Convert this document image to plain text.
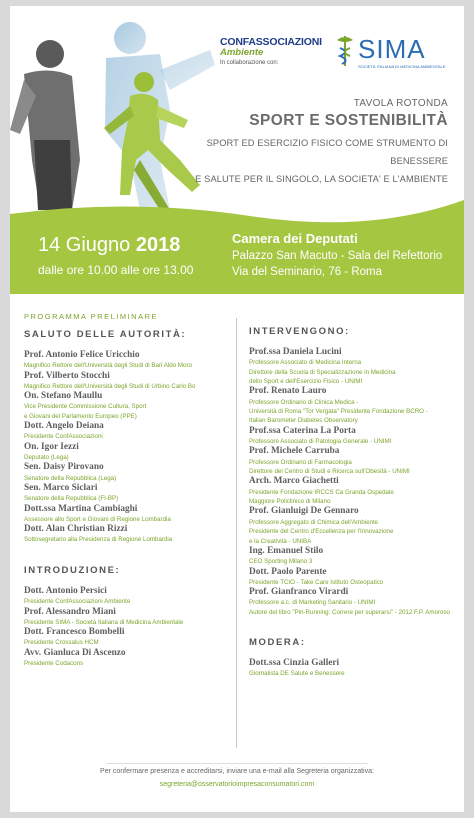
CONFASSOCIAZIONI
Ambiente
In collaborazione con:	SIMA
SOCIETÀ ITALIANA DI MEDICINA AMBIENTALE
TAVOLA ROTONDA
SPORT E SOSTENIBILITÀ
SPORT ED ESERCIZIO FISICO COME STRUMENTO DI BENESSERE
E SALUTE PER IL SINGOLO, LA SOCIETA' E L'AMBIENTE
14 Giugno 2018
dalle ore 10.00 alle ore 13.00
Camera dei Deputati
Palazzo San Macuto - Sala del Refettorio
Via del Seminario, 76 - Roma
PROGRAMMA PRELIMINARE
SALUTO DELLE AUTORITÀ:
Prof. Antonio Felice Uricchio
Magnifico Rettore dell'Università degli Studi di Bari Aldo Moro
Prof. Vilberto Stocchi
Magnifico Rettore dell'Università degli Studi di Urbino Carlo Bo
On. Stefano Maullu
Vice Presidente Commissione Cultura, Sport
e Giovani del Parlamento Europeo (PPE)
Dott. Angelo Deiana
Presidente ConfAssociazioni
On. Igor Iezzi
Deputato (Lega)
Sen. Daisy Pirovano
Senatore della Repubblica (Lega)
Sen. Marco Siclari
Senatore della Repubblica (FI-BP)
Dott.ssa Martina Cambiaghi
Assessore allo Sport e Giovani di Regione Lombardia
Dott. Alan Christian Rizzi
Sottosegretario alla Presidenza di Regione Lombardia
INTRODUZIONE:
Dott. Antonio Persici
Presidente ConfAssociazioni Ambiente
Prof. Alessandro Miani
Presidente SIMA - Società Italiana di Medicina Ambientale
Dott. Francesco Bombelli
Presidente Crossalus HCM
Avv. Gianluca Di Ascenzo
Presidente Codacons
INTERVENGONO:
Prof.ssa Daniela Lucini
Professore Associato di Medicina Interna
Direttore della Scuola di Specializzazione in Medicina
dello Sport e dell'Esercizio Fisico - UNIMI
Prof. Renato Lauro
Professore Ordinario di Clinica Medica -
Università di Roma "Tor Vergata" Presidente Fondazione BCRO -
Italian Barometer Diabetes Observatory
Prof.ssa Caterina La Porta
Professore Associato di Patologia Generale - UNIMI
Prof. Michele Carruba
Professore Ordinario di Farmacologia
Direttore del Centro di Studi e Ricerca sull'Obesità - UNIMI
Arch. Marco Giachetti
Presidente Fondazione IRCCS Ca Granda Ospedale
Maggiore Policlinico di Milano
Prof. Gianluigi De Gennaro
Professore Aggregato di Chimica dell'Ambiente
Presidente del Centro d'Eccellenza per l'Innovazione
e la Creatività - UNIBA
Ing. Emanuel Stilo
CEO Sporting Milano 3
Dott. Paolo Parente
Presidente TCIO - Take Care Istituto Osteopatico
Prof. Gianfranco Virardi
Professore a.c. di Marketing Sanitario - UNIMI
Autore del libro "Pin-Running: Correre per superarsi" - 2012 F.P. Amoroso
MODERA:
Dott.ssa Cinzia Galleri
Giornalista DE Salute e Benessere
Per confermare presenza e accreditarsi, inviare una e-mail alla Segreteria organizzativa:
segreteria@osservatorioimpresaconsumatori.com
